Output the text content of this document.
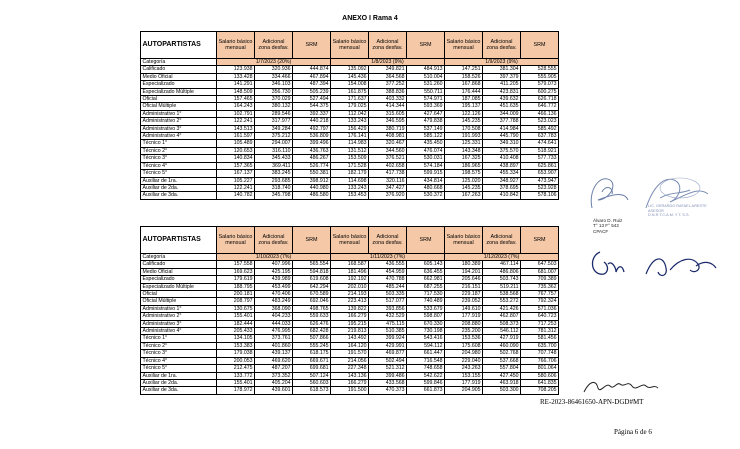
ANEXO I Rama 4
AUTOPARTISTAS	Salario básico mensual	Adicional zona desfav.	SRM	Salario básico mensual	Adicional zona desfav.	SRM	Salario básico mensual	Adicional zona desfav.	SRM
Categoría	1/7/2023 (20%)			1/8/2023 (9%)			1/9/2023 (9%)		
Calificado	123.938	320.936	444.874	135.092	349.821	484.913	147.251	381.304	528.555
Medio Oficial	133.428	334.466	467.894	145.436	364.568	510.004	158.526	397.379	555.905
Especializado	141.291	346.103	487.394	154.008	377.252	531.260	167.868	411.205	579.073
Especializado Múltiple	148.509	356.730	505.239	161.875	388.836	550.711	176.444	423.831	600.275
Oficial	157.465	370.029	527.494	171.637	403.332	574.971	187.085	439.632	626.718
Oficial Múltiple	164.243	380.132	544.375	179.025	414.344	593.369	195.137	451.635	646.772
Administrativo 1°	102.791	289.546	392.337	112.042	315.605	427.647	122.126	344.009	466.136
Administrativo 2°	122.241	317.977	440.218	133.243	346.595	479.838	145.235	377.788	523.023
Administrativo 3°	143.513	349.284	492.797	156.429	380.719	537.149	170.508	414.984	585.492
Administrativo 4°	161.597	375.212	536.809	176.141	408.981	585.122	191.993	445.790	637.783
Técnico 1°	105.489	294.007	399.496	114.983	320.467	435.450	125.331	349.310	474.641
Técnico 2°	120.653	316.110	436.763	131.512	344.560	476.074	143.348	375.570	518.921
Técnico 3°	140.834	345.433	486.267	153.509	376.521	530.031	167.325	410.408	577.733
Técnico 4°	157.365	369.411	526.774	171.528	402.658	574.184	186.965	438.897	625.861
Técnico 5°	167.137	383.245	550.381	182.179	417.738	599.915	198.575	455.334	653.907
Auxiliar de 1ra.	105.227	293.685	398.912	114.698	320.116	434.814	125.020	348.927	473.947
Auxiliar de 2da.	122.241	318.740	440.980	133.243	347.427	480.668	145.235	378.695	523.928
Auxiliar de 3da.	140.782	345.798	486.580	153.453	376.920	530.372	167.263	410.842	578.106
AUTOPARTISTAS	Salario básico mensual	Adicional zona desfav.	SRM	Salario básico mensual	Adicional zona desfav.	SRM	Salario básico mensual	Adicional zona desfav.	SRM
Categoría	1/10/2023 (7%)			1/11/2023 (7%)			1/12/2023 (7%)		
Calificado	157.558	407.996	565.554	168.587	436.555	605.143	180.389	467.114	647.503
Medio Oficial	169.623	425.195	594.818	181.496	454.959	636.455	194.201	486.806	681.007
Especializado	179.619	439.989	619.608	192.192	470.788	662.981	205.646	503.743	709.389
Especializado Múltiple	188.795	453.499	642.294	202.010	485.244	687.255	216.151	519.211	735.362
Oficial	200.181	470.406	670.589	214.193	503.335	717.530	229.187	538.568	767.757
Oficial Múltiple	208.797	483.249	692.046	223.413	517.077	740.489	239.052	553.272	792.324
Administrativo 1°	130.675	368.090	498.765	139.822	393.856	533.679	149.610	421.426	571.036
Administrativo 2°	155.401	404.233	559.633	166.279	432.529	598.807	177.919	462.807	640.723
Administrativo 3°	182.444	444.033	626.476	195.215	475.115	670.330	208.880	508.373	717.253
Administrativo 4°	205.433	476.995	682.428	219.813	510.385	730.198	235.200	546.112	781.312
Técnico 1°	134.105	373.761	507.866	143.492	399.924	543.416	153.536	427.919	581.456
Técnico 2°	153.383	401.860	555.245	164.120	429.991	594.112	175.608	460.090	635.700
Técnico 3°	179.038	439.137	618.175	191.570	469.877	661.447	204.980	502.768	707.748
Técnico 4°	200.053	469.620	669.671	214.056	502.494	716.548	229.040	537.668	766.706
Técnico 5°	212.475	487.207	699.681	227.348	521.312	748.658	243.263	557.804	801.064
Auxiliar de 1ra.	133.772	373.352	507.124	143.136	399.486	542.622	153.155	427.450	580.606
Auxiliar de 2da.	155.401	405.204	560.603	166.279	433.568	599.846	177.919	463.918	641.835
Auxiliar de 3da.	178.972	439.601	618.573	191.500	470.373	661.873	204.905	503.300	708.205
Álvaro D. Ruiz
T° 13 F° 542
CPACF
LIC. GERARDO RAFAEL ARESTE
ASESOR
D.N.R.T.C.A.M. Y T. S.S.
RE-2023-86461650-APN-DGD#MT
Página 6 de 6
